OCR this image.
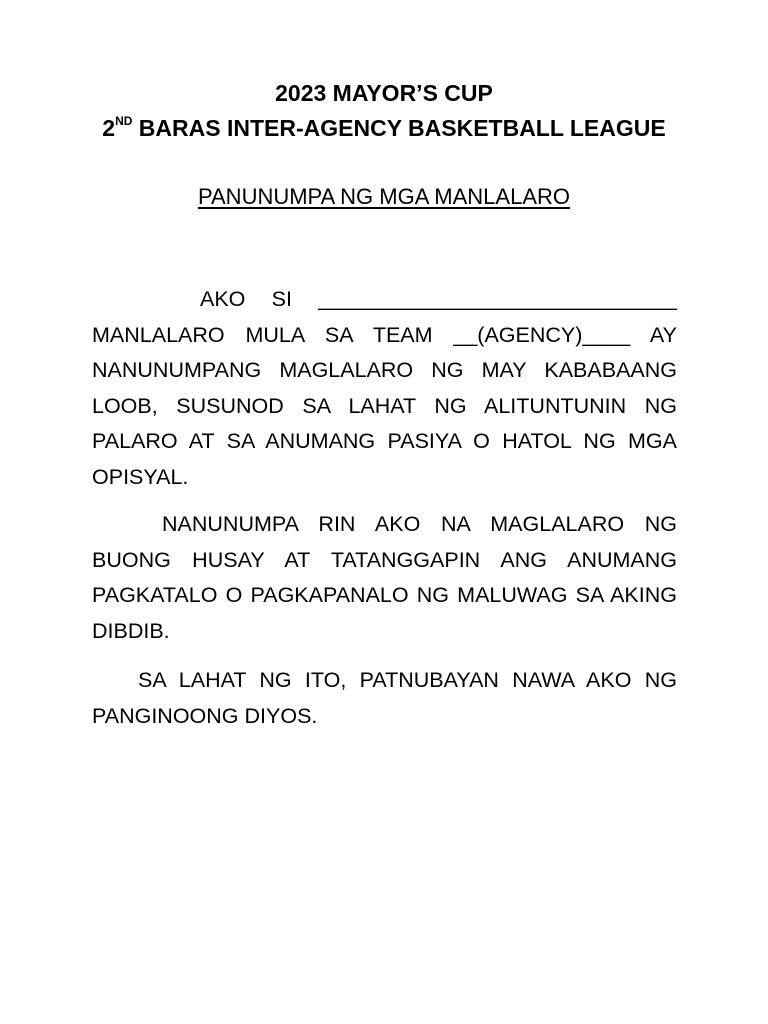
2023 MAYOR’S CUP
2ND BARAS INTER-AGENCY BASKETBALL LEAGUE
PANUNUMPA NG MGA MANLALARO

AKO SI ______________________________ MANLALARO MULA SA TEAM __(AGENCY)____ AY NANUNUMPANG MAGLALARO NG MAY KABABAANG LOOB, SUSUNOD SA LAHAT NG ALITUNTUNIN NG PALARO AT SA ANUMANG PASIYA O HATOL NG MGA OPISYAL.

NANUNUMPA RIN AKO NA MAGLALARO NG BUONG HUSAY AT TATANGGAPIN ANG ANUMANG PAGKATALO O PAGKAPANALO NG MALUWAG SA AKING DIBDIB.

SA LAHAT NG ITO, PATNUBAYAN NAWA AKO NG PANGINOONG DIYOS.
